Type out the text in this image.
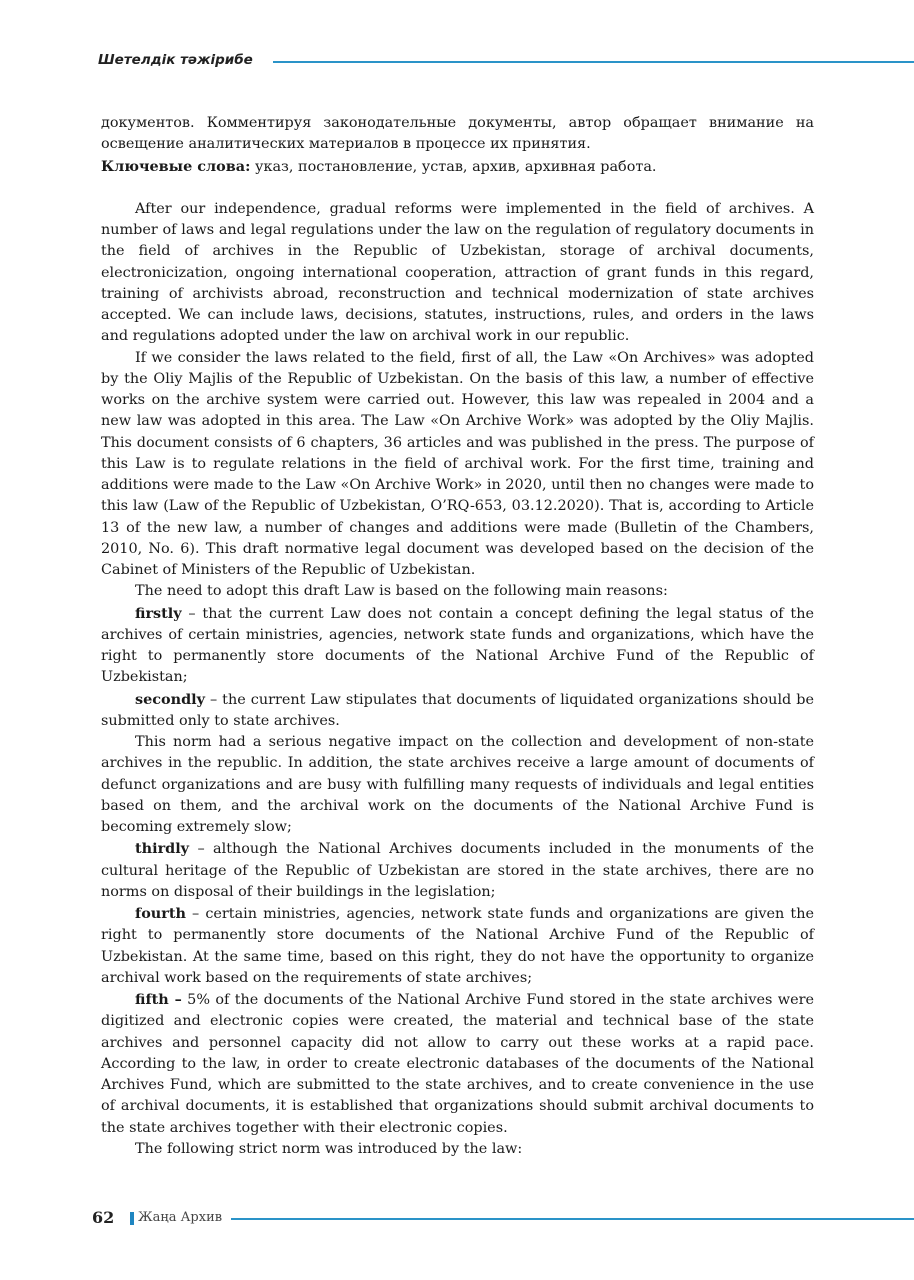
Шетелдік тәжірибе

документов. Комментируя законодательные документы, автор обращает внимание на освещение аналитических материалов в процессе их принятия.

Ключевые слова: указ, постановление, устав, архив, архивная работа.

After our independence, gradual reforms were implemented in the field of archives. A number of laws and legal regulations under the law on the regulation of regulatory documents in the field of archives in the Republic of Uzbekistan, storage of archival documents, electronicization, ongoing international cooperation, attraction of grant funds in this regard, training of archivists abroad, reconstruction and technical modernization of state archives accepted. We can include laws, decisions, statutes, instructions, rules, and orders in the laws and regulations adopted under the law on archival work in our republic.

If we consider the laws related to the field, first of all, the Law «On Archives» was adopted by the Oliy Majlis of the Republic of Uzbekistan. On the basis of this law, a number of effective works on the archive system were carried out. However, this law was repealed in 2004 and a new law was adopted in this area. The Law «On Archive Work» was adopted by the Oliy Majlis. This document consists of 6 chapters, 36 articles and was published in the press. The purpose of this Law is to regulate relations in the field of archival work. For the first time, training and additions were made to the Law «On Archive Work» in 2020, until then no changes were made to this law (Law of the Republic of Uzbekistan, O’RQ-653, 03.12.2020). That is, according to Article 13 of the new law, a number of changes and additions were made (Bulletin of the Chambers, 2010, No. 6). This draft normative legal document was developed based on the decision of the Cabinet of Ministers of the Republic of Uzbekistan.

The need to adopt this draft Law is based on the following main reasons:

firstly – that the current Law does not contain a concept defining the legal status of the archives of certain ministries, agencies, network state funds and organizations, which have the right to permanently store documents of the National Archive Fund of the Republic of Uzbekistan;

secondly – the current Law stipulates that documents of liquidated organizations should be submitted only to state archives.

This norm had a serious negative impact on the collection and development of non-state archives in the republic. In addition, the state archives receive a large amount of documents of defunct organizations and are busy with fulfilling many requests of individuals and legal entities based on them, and the archival work on the documents of the National Archive Fund is becoming extremely slow;

thirdly – although the National Archives documents included in the monuments of the cultural heritage of the Republic of Uzbekistan are stored in the state archives, there are no norms on disposal of their buildings in the legislation;

fourth – certain ministries, agencies, network state funds and organizations are given the right to permanently store documents of the National Archive Fund of the Republic of Uzbekistan. At the same time, based on this right, they do not have the opportunity to organize archival work based on the requirements of state archives;

fifth – 5% of the documents of the National Archive Fund stored in the state archives were digitized and electronic copies were created, the material and technical base of the state archives and personnel capacity did not allow to carry out these works at a rapid pace. According to the law, in order to create electronic databases of the documents of the National Archives Fund, which are submitted to the state archives, and to create convenience in the use of archival documents, it is established that organizations should submit archival documents to the state archives together with their electronic copies.

The following strict norm was introduced by the law:

62 Жаңа Архив
